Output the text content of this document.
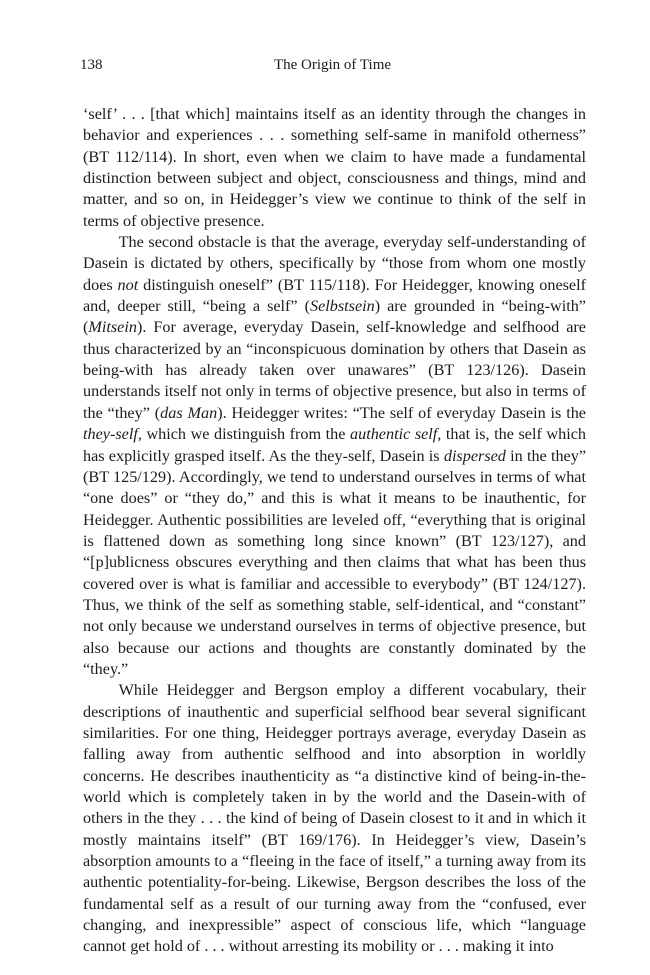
138	The Origin of Time

‘self’ . . . [that which] maintains itself as an identity through the changes in behavior and experiences . . . something self-same in manifold otherness” (BT 112/114). In short, even when we claim to have made a fundamental distinction between subject and object, consciousness and things, mind and matter, and so on, in Heidegger’s view we continue to think of the self in terms of objective presence.

The second obstacle is that the average, everyday self-understanding of Dasein is dictated by others, specifically by “those from whom one mostly does not distinguish oneself” (BT 115/118). For Heidegger, knowing oneself and, deeper still, “being a self” (Selbstsein) are grounded in “being-with” (Mitsein). For average, everyday Dasein, self-knowledge and selfhood are thus characterized by an “inconspicuous domination by others that Dasein as being-with has already taken over unawares” (BT 123/126). Dasein understands itself not only in terms of objective presence, but also in terms of the “they” (das Man). Heidegger writes: “The self of everyday Dasein is the they-self, which we distinguish from the authentic self, that is, the self which has explicitly grasped itself. As the they-self, Dasein is dispersed in the they” (BT 125/129). Accordingly, we tend to understand ourselves in terms of what “one does” or “they do,” and this is what it means to be inauthentic, for Heidegger. Authentic possibilities are leveled off, “everything that is original is flattened down as something long since known” (BT 123/127), and “[p]ublicness obscures everything and then claims that what has been thus covered over is what is familiar and accessible to everybody” (BT 124/127). Thus, we think of the self as something stable, self-identical, and “constant” not only because we understand ourselves in terms of objective presence, but also because our actions and thoughts are constantly dominated by the “they.”

While Heidegger and Bergson employ a different vocabulary, their descriptions of inauthentic and superficial selfhood bear several significant similarities. For one thing, Heidegger portrays average, everyday Dasein as falling away from authentic selfhood and into absorption in worldly concerns. He describes inauthenticity as “a distinctive kind of being-in-the-world which is completely taken in by the world and the Dasein-with of others in the they . . . the kind of being of Dasein closest to it and in which it mostly maintains itself” (BT 169/176). In Heidegger’s view, Dasein’s absorption amounts to a “fleeing in the face of itself,” a turning away from its authentic potentiality-for-being. Likewise, Bergson describes the loss of the fundamental self as a result of our turning away from the “confused, ever changing, and inexpressible” aspect of conscious life, which “language cannot get hold of . . . without arresting its mobility or . . . making it into
